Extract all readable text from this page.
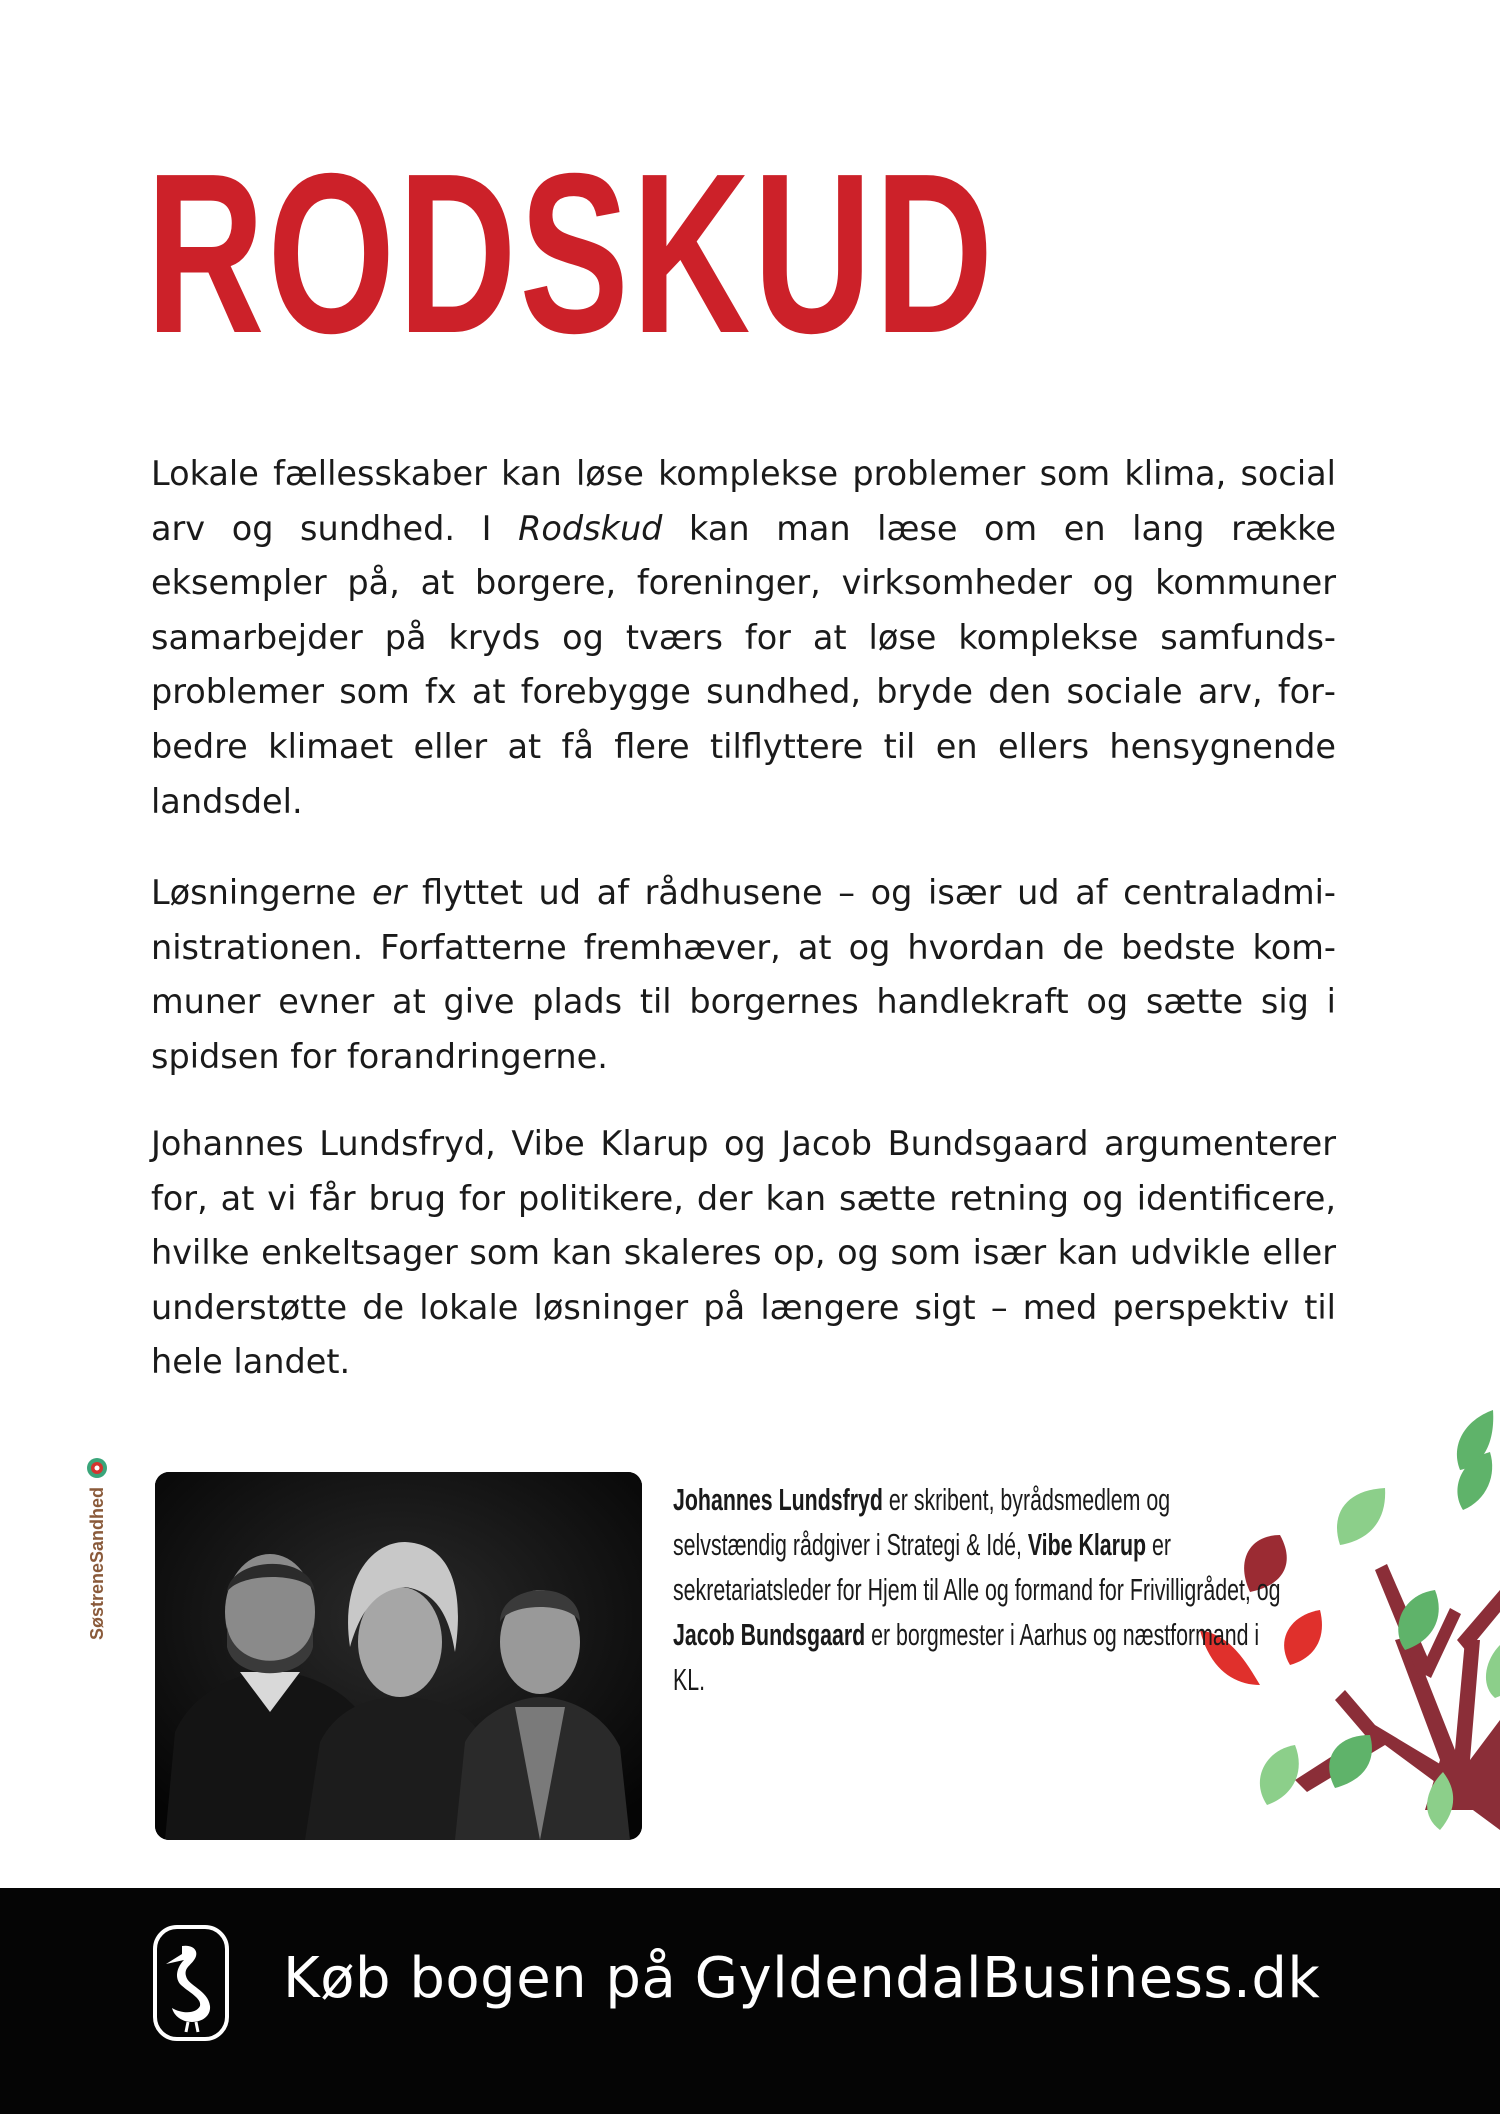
RODSKUD

Lokale fællesskaber kan løse komplekse problemer som klima, social arv og sundhed. I Rodskud kan man læse om en lang række eksempler på, at borgere, foreninger, virksomheder og kommuner samarbejder på kryds og tværs for at løse komplekse samfundsproblemer som fx at forebygge sundhed, bryde den sociale arv, forbedre klimaet eller at få flere tilflyttere til en ellers hensygnende landsdel.

Løsningerne er flyttet ud af rådhusene – og især ud af centraladministrationen. Forfatterne fremhæver, at og hvordan de bedste kommuner evner at give plads til borgernes handlekraft og sætte sig i spidsen for forandringerne.

Johannes Lundsfryd, Vibe Klarup og Jacob Bundsgaard argumenterer for, at vi får brug for politikere, der kan sætte retning og identificere, hvilke enkeltsager som kan skaleres op, og som især kan udvikle eller understøtte de lokale løsninger på længere sigt – med perspektiv til hele landet.

Johannes Lundsfryd er skribent, byrådsmedlem og selvstændig rådgiver i Strategi & Idé, Vibe Klarup er sekretariatsleder for Hjem til Alle og formand for Frivilligrådet, og Jacob Bundsgaard er borgmester i Aarhus og næstformand i KL.

SøstreneSandhed
Køb bogen på GyldendalBusiness.dk
